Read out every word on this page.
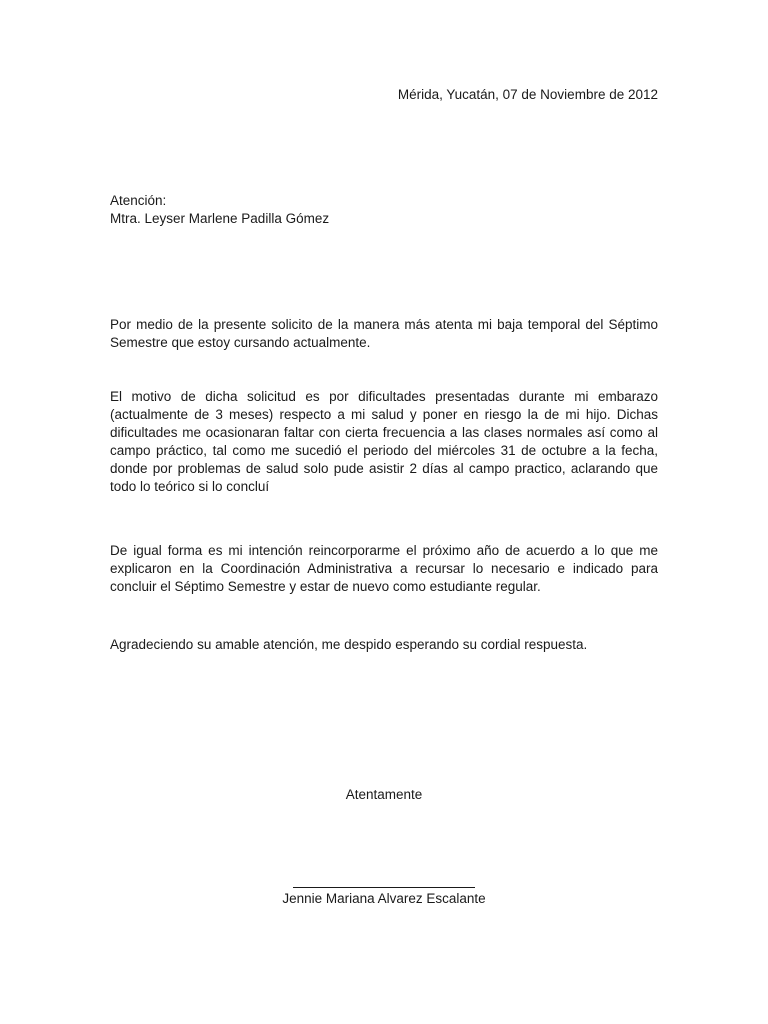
Mérida, Yucatán, 07 de Noviembre de 2012
Atención:
Mtra. Leyser Marlene Padilla Gómez

Por medio de la presente solicito de la manera más atenta mi baja temporal del Séptimo Semestre que estoy cursando actualmente.

El motivo de dicha solicitud es por dificultades presentadas durante mi embarazo (actualmente de 3 meses) respecto a mi salud y poner en riesgo la de mi hijo. Dichas dificultades me ocasionaran faltar con cierta frecuencia a las clases normales así como al campo práctico, tal como me sucedió el periodo del miércoles 31 de octubre a la fecha, donde por problemas de salud solo pude asistir 2 días al campo practico, aclarando que todo lo teórico si lo concluí

De igual forma es mi intención reincorporarme el próximo año de acuerdo a lo que me explicaron en la Coordinación Administrativa a recursar lo necesario e indicado para concluir el Séptimo Semestre y estar de nuevo como estudiante regular.

Agradeciendo su amable atención, me despido esperando su cordial respuesta.

Atentamente
Jennie Mariana Alvarez Escalante
